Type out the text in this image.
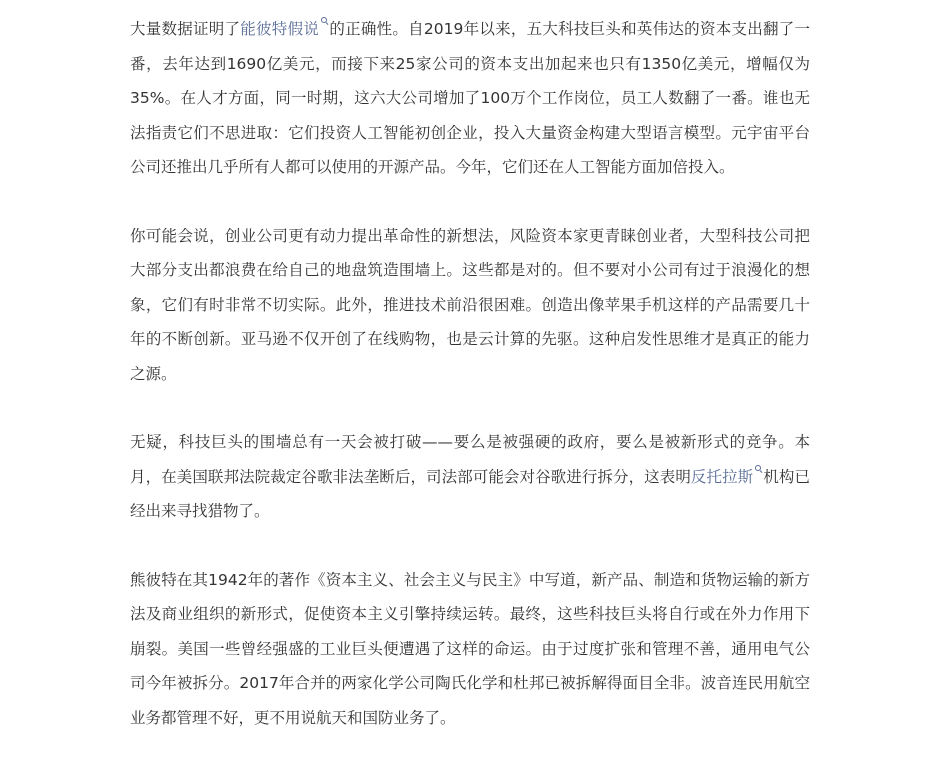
大量数据证明了能彼特假说 的正确性。自2019年以来，五大科技巨头和英伟达的资本支出翻了一番，去年达到1690亿美元，而接下来25家公司的资本支出加起来也只有1350亿美元，增幅仅为35%。在人才方面，同一时期，这六大公司增加了100万个工作岗位，员工人数翻了一番。谁也无法指责它们不思进取：它们投资人工智能初创企业，投入大量资金构建大型语言模型。元宇宙平台公司还推出几乎所有人都可以使用的开源产品。今年，它们还在人工智能方面加倍投入。

你可能会说，创业公司更有动力提出革命性的新想法，风险资本家更青睐创业者，大型科技公司把大部分支出都浪费在给自己的地盘筑造围墙上。这些都是对的。但不要对小公司有过于浪漫化的想象，它们有时非常不切实际。此外，推进技术前沿很困难。创造出像苹果手机这样的产品需要几十年的不断创新。亚马逊不仅开创了在线购物，也是云计算的先驱。这种启发性思维才是真正的能力之源。

无疑，科技巨头的围墙总有一天会被打破——要么是被强硬的政府，要么是被新形式的竞争。本月，在美国联邦法院裁定谷歌非法垄断后，司法部可能会对谷歌进行拆分，这表明反托拉斯 机构已经出来寻找猎物了。

熊彼特在其1942年的著作《资本主义、社会主义与民主》中写道，新产品、制造和货物运输的新方法及商业组织的新形式，促使资本主义引擎持续运转。最终，这些科技巨头将自行或在外力作用下崩裂。美国一些曾经强盛的工业巨头便遭遇了这样的命运。由于过度扩张和管理不善，通用电气公司今年被拆分。2017年合并的两家化学公司陶氏化学和杜邦已被拆解得面目全非。波音连民用航空业务都管理不好，更不用说航天和国防业务了。
